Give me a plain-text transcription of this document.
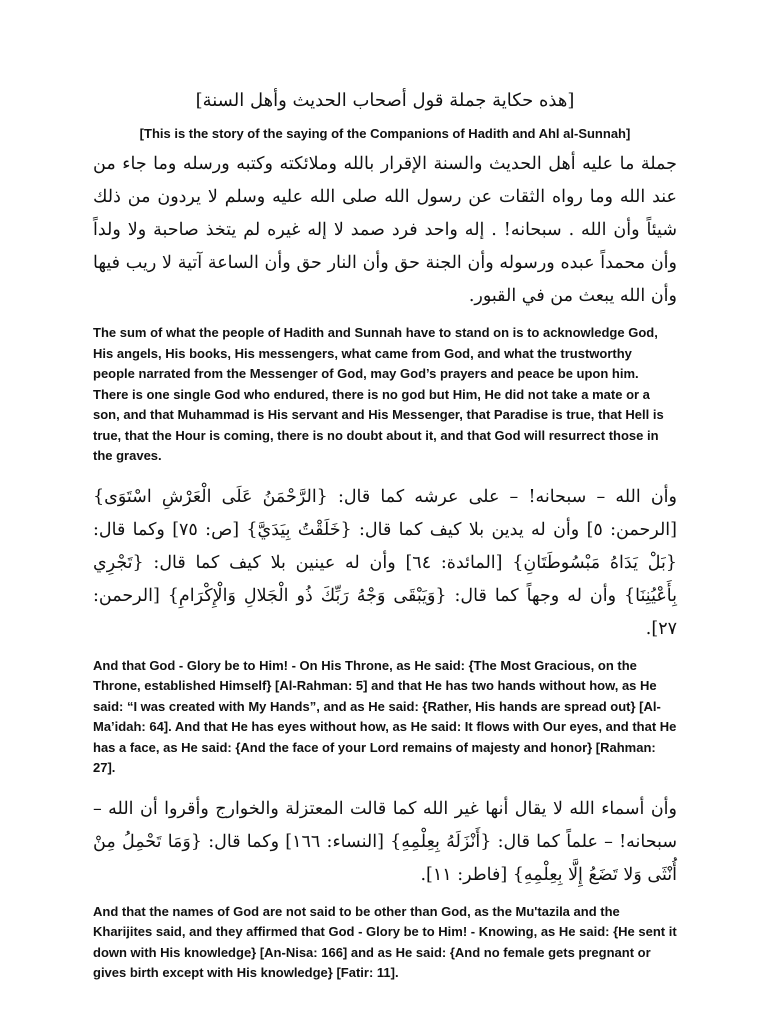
[هذه حكاية جملة قول أصحاب الحديث وأهل السنة]

[This is the story of the saying of the Companions of Hadith and Ahl al-Sunnah]

جملة ما عليه أهل الحديث والسنة الإقرار بالله وملائكته وكتبه ورسله وما جاء من عند الله وما رواه الثقات عن رسول الله صلى الله عليه وسلم لا يردون من ذلك شيئاً وأن الله . سبحانه! . إله واحد فرد صمد لا إله غيره لم يتخذ صاحبة ولا ولداً وأن محمداً عبده ورسوله وأن الجنة حق وأن النار حق وأن الساعة آتية لا ريب فيها وأن الله يبعث من في القبور.

The sum of what the people of Hadith and Sunnah have to stand on is to acknowledge God, His angels, His books, His messengers, what came from God, and what the trustworthy people narrated from the Messenger of God, may God’s prayers and peace be upon him. There is one single God who endured, there is no god but Him, He did not take a mate or a son, and that Muhammad is His servant and His Messenger, that Paradise is true, that Hell is true, that the Hour is coming, there is no doubt about it, and that God will resurrect those in the graves.

وأن الله – سبحانه! – على عرشه كما قال: {الرَّحْمَنُ عَلَى الْعَرْشِ اسْتَوَى} [الرحمن: ٥] وأن له يدين بلا كيف كما قال: {خَلَقْتُ بِيَدَيَّ} [ص: ٧٥] وكما قال: {بَلْ يَدَاهُ مَبْسُوطَتَانِ} [المائدة: ٦٤] وأن له عينين بلا كيف كما قال: {تَجْرِي بِأَعْيُنِنَا} وأن له وجهاً كما قال: {وَيَبْقَى وَجْهُ رَبِّكَ ذُو الْجَلالِ وَالْإِكْرَامِ} [الرحمن: ٢٧].

And that God - Glory be to Him! - On His Throne, as He said: {The Most Gracious, on the Throne, established Himself} [Al-Rahman: 5] and that He has two hands without how, as He said: “I was created with My Hands”, and as He said: {Rather, His hands are spread out} [Al-Ma’idah: 64]. And that He has eyes without how, as He said: It flows with Our eyes, and that He has a face, as He said: {And the face of your Lord remains of majesty and honor} [Rahman: 27].

وأن أسماء الله لا يقال أنها غير الله كما قالت المعتزلة والخوارج وأقروا أن الله – سبحانه! – علماً كما قال: {أَنْزَلَهُ بِعِلْمِهِ} [النساء: ١٦٦] وكما قال: {وَمَا تَحْمِلُ مِنْ أُنْثَى وَلا تَضَعُ إِلَّا بِعِلْمِهِ} [فاطر: ١١].

And that the names of God are not said to be other than God, as the Mu'tazila and the Kharijites said, and they affirmed that God - Glory be to Him! - Knowing, as He said: {He sent it down with His knowledge} [An-Nisa: 166] and as He said: {And no female gets pregnant or gives birth except with His knowledge} [Fatir: 11].
